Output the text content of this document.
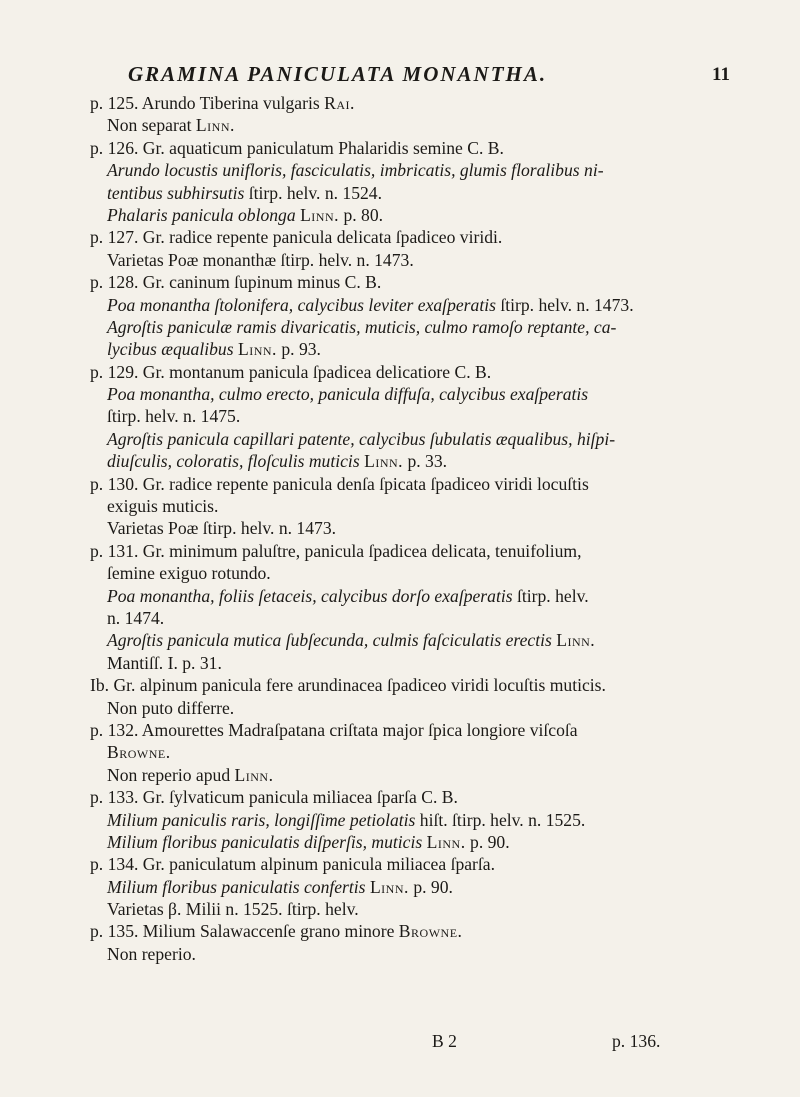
GRAMINA PANICULATA MONANTHA.	11
p. 125. Arundo Tiberina vulgaris Rai.
Non separat Linn.
p. 126. Gr. aquaticum paniculatum Phalaridis semine C. B.
Arundo locustis unifloris, fasciculatis, imbricatis, glumis floralibus ni-
tentibus subhirsutis ſtirp. helv. n. 1524.
Phalaris panicula oblonga Linn. p. 80.
p. 127. Gr. radice repente panicula delicata ſpadiceo viridi.
Varietas Poæ monanthæ ſtirp. helv. n. 1473.
p. 128. Gr. caninum ſupinum minus C. B.
Poa monantha ſtolonifera, calycibus leviter exaſperatis ſtirp. helv. n. 1473.
Agroſtis paniculæ ramis divaricatis, muticis, culmo ramoſo reptante, ca-
lycibus æqualibus Linn. p. 93.
p. 129. Gr. montanum panicula ſpadicea delicatiore C. B.
Poa monantha, culmo erecto, panicula diffuſa, calycibus exaſperatis
ſtirp. helv. n. 1475.
Agroſtis panicula capillari patente, calycibus ſubulatis æqualibus, hiſpi-
diuſculis, coloratis, floſculis muticis Linn. p. 33.
p. 130. Gr. radice repente panicula denſa ſpicata ſpadiceo viridi locuſtis
exiguis muticis.
Varietas Poæ ſtirp. helv. n. 1473.
p. 131. Gr. minimum paluſtre, panicula ſpadicea delicata, tenuifolium,
ſemine exiguo rotundo.
Poa monantha, foliis ſetaceis, calycibus dorſo exaſperatis ſtirp. helv.
n. 1474.
Agroſtis panicula mutica ſubſecunda, culmis faſciculatis erectis Linn.
Mantiſſ. I. p. 31.
Ib. Gr. alpinum panicula fere arundinacea ſpadiceo viridi locuſtis muticis.
Non puto differre.
p. 132. Amourettes Madraſpatana criſtata major ſpica longiore viſcoſa
Browne.
Non reperio apud Linn.
p. 133. Gr. ſylvaticum panicula miliacea ſparſa C. B.
Milium paniculis raris, longiſſime petiolatis hiſt. ſtirp. helv. n. 1525.
Milium floribus paniculatis diſperſis, muticis Linn. p. 90.
p. 134. Gr. paniculatum alpinum panicula miliacea ſparſa.
Milium floribus paniculatis confertis Linn. p. 90.
Varietas β. Milii n. 1525. ſtirp. helv.
p. 135. Milium Salawaccenſe grano minore Browne.
Non reperio.
B 2	p. 136.
